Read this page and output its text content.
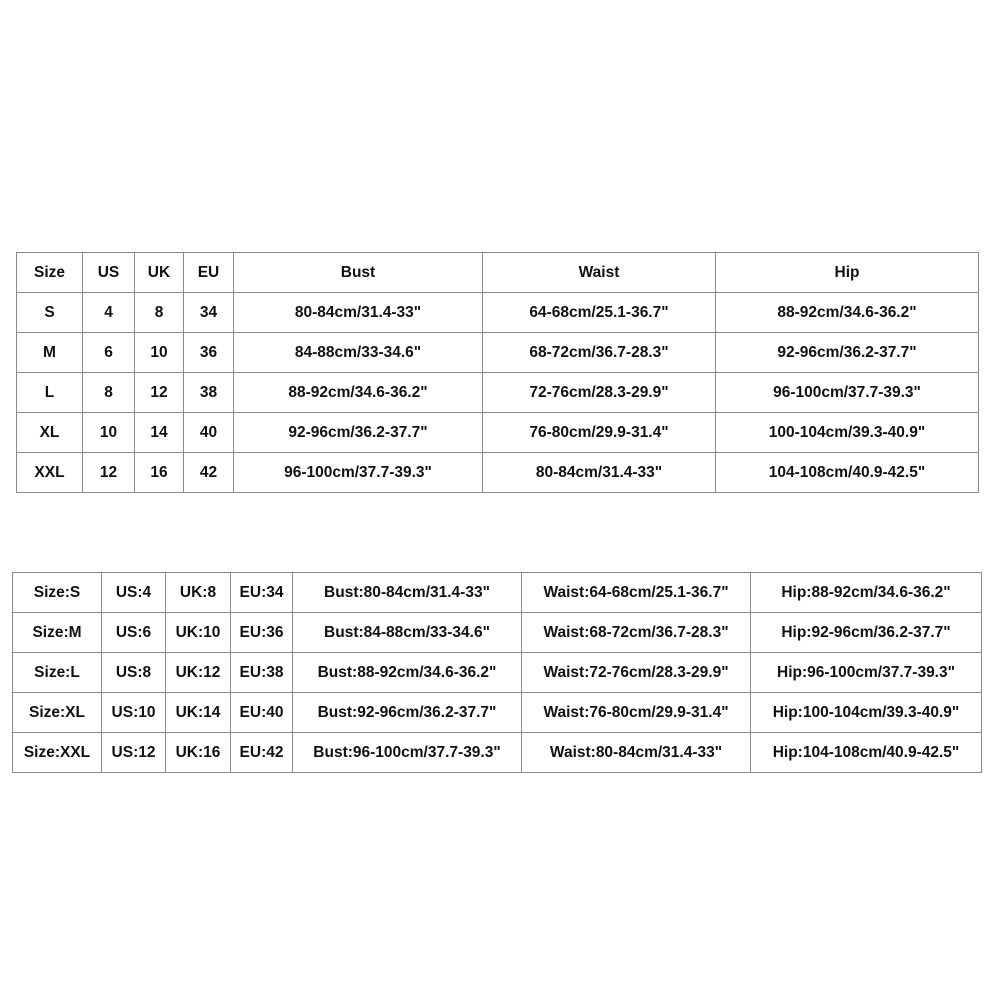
Size	US	UK	EU	Bust	Waist	Hip
S	4	8	34	80-84cm/31.4-33"	64-68cm/25.1-36.7"	88-92cm/34.6-36.2"
M	6	10	36	84-88cm/33-34.6"	68-72cm/36.7-28.3"	92-96cm/36.2-37.7"
L	8	12	38	88-92cm/34.6-36.2"	72-76cm/28.3-29.9"	96-100cm/37.7-39.3"
XL	10	14	40	92-96cm/36.2-37.7"	76-80cm/29.9-31.4"	100-104cm/39.3-40.9"
XXL	12	16	42	96-100cm/37.7-39.3"	80-84cm/31.4-33"	104-108cm/40.9-42.5"
Size:S	US:4	UK:8	EU:34	Bust:80-84cm/31.4-33"	Waist:64-68cm/25.1-36.7"	Hip:88-92cm/34.6-36.2"
Size:M	US:6	UK:10	EU:36	Bust:84-88cm/33-34.6"	Waist:68-72cm/36.7-28.3"	Hip:92-96cm/36.2-37.7"
Size:L	US:8	UK:12	EU:38	Bust:88-92cm/34.6-36.2"	Waist:72-76cm/28.3-29.9"	Hip:96-100cm/37.7-39.3"
Size:XL	US:10	UK:14	EU:40	Bust:92-96cm/36.2-37.7"	Waist:76-80cm/29.9-31.4"	Hip:100-104cm/39.3-40.9"
Size:XXL	US:12	UK:16	EU:42	Bust:96-100cm/37.7-39.3"	Waist:80-84cm/31.4-33"	Hip:104-108cm/40.9-42.5"
